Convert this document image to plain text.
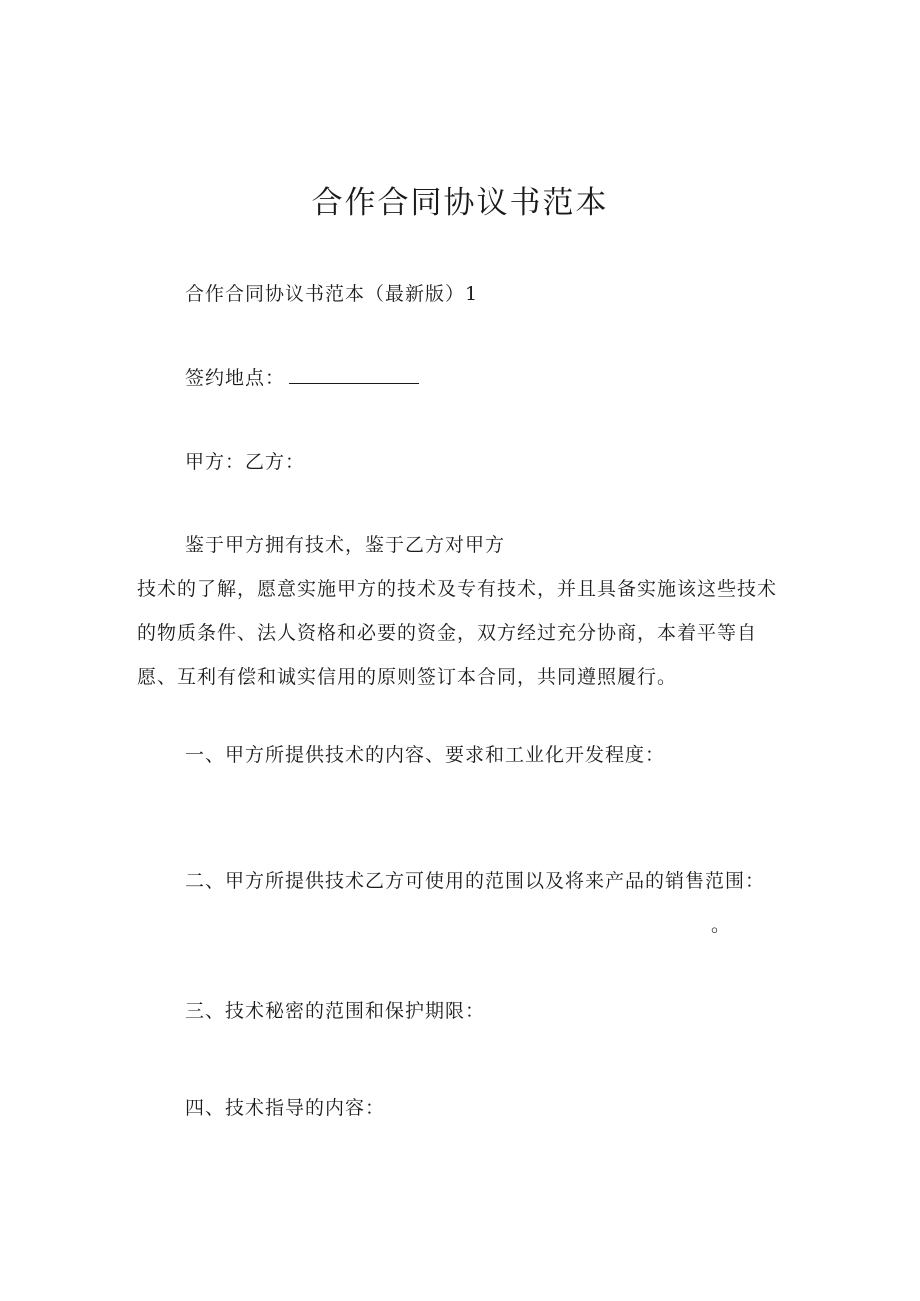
合作合同协议书范本
合作合同协议书范本（最新版）1
签约地点：
甲方：乙方：
鉴于甲方拥有技术，鉴于乙方对甲方
技术的了解，愿意实施甲方的技术及专有技术，并且具备实施该这些技术
的物质条件、法人资格和必要的资金，双方经过充分协商，本着平等自
愿、互利有偿和诚实信用的原则签订本合同，共同遵照履行。
一、甲方所提供技术的内容、要求和工业化开发程度：
二、甲方所提供技术乙方可使用的范围以及将来产品的销售范围：
。
三、技术秘密的范围和保护期限：
四、技术指导的内容：
